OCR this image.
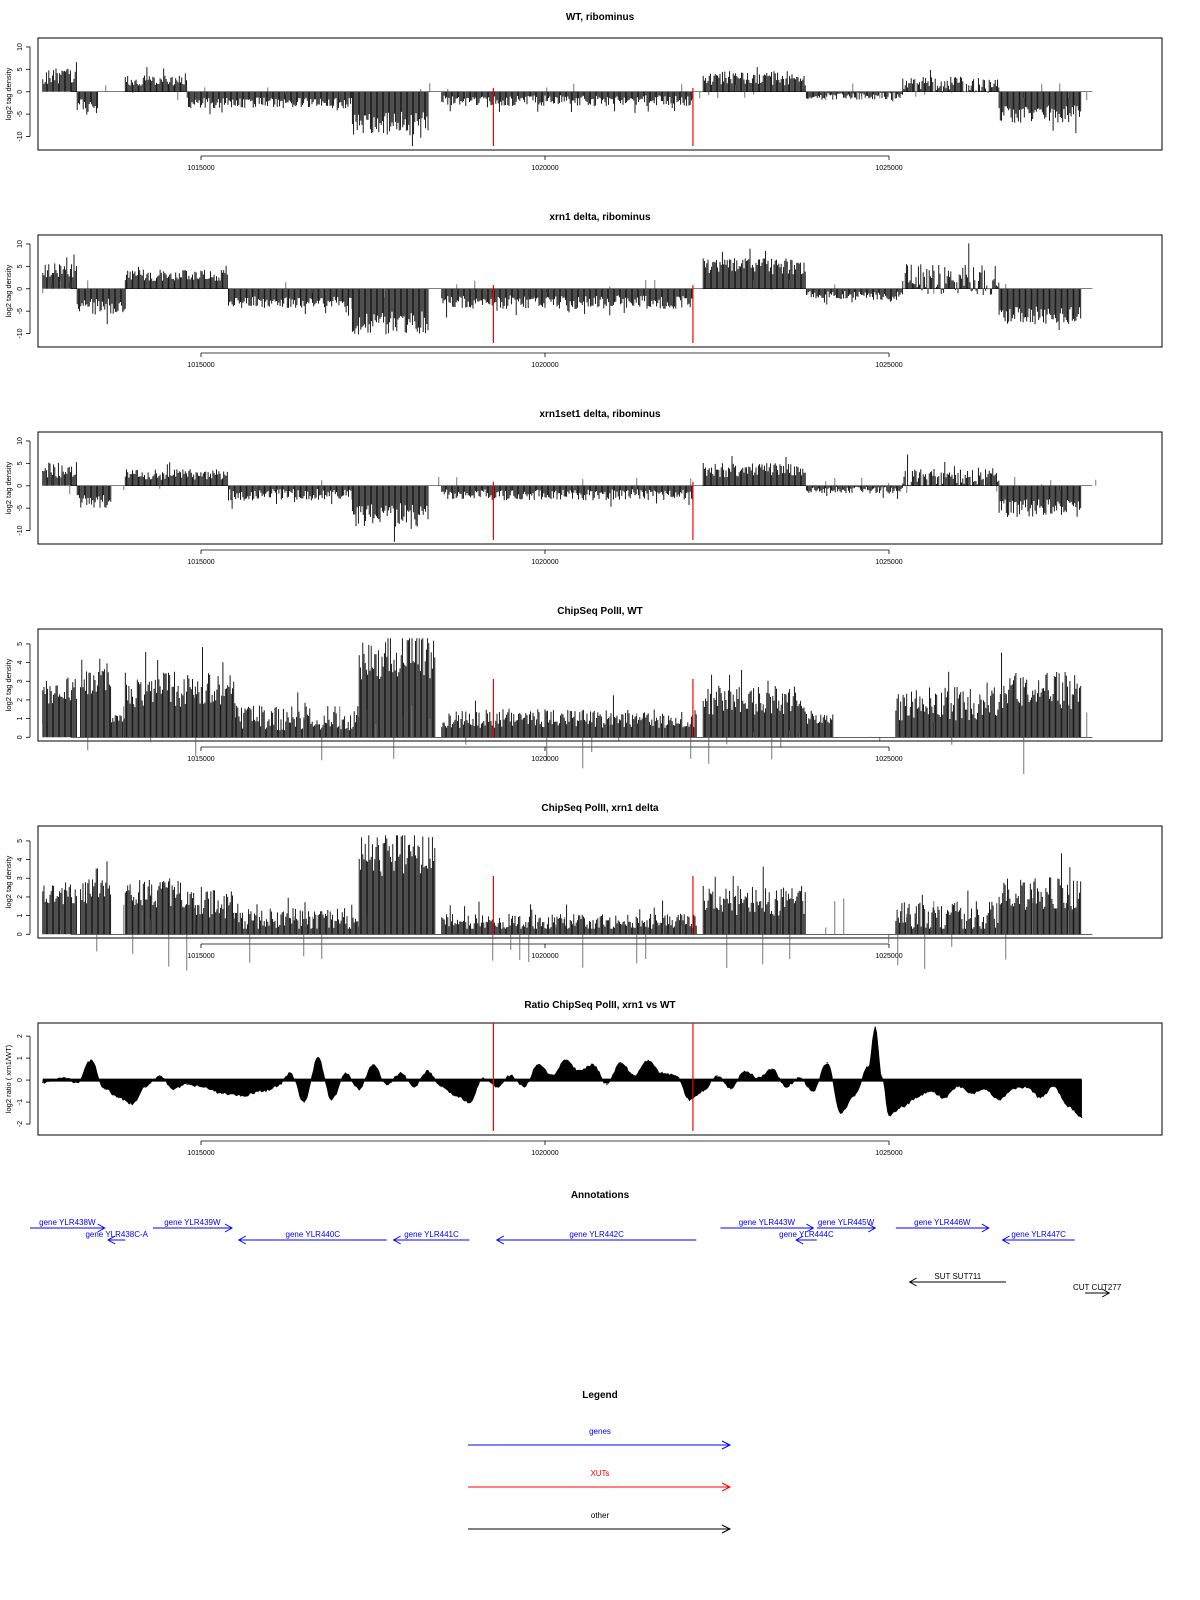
WT, ribominus
-10
-5
0
5
10
log2 tag density
1015000	1020000	1025000
xrn1 delta, ribominus
-10
-5
0
5
10
log2 tag density
1015000	1020000	1025000
xrn1set1 delta, ribominus
-10
-5
0
5
10
log2 tag density
1015000	1020000	1025000
ChipSeq PolII, WT
0
1
2
3
4
5
log2 tag density
1015000	1020000	1025000
ChipSeq PolII, xrn1 delta
0
1
2
3
4
5
log2 tag density
1015000	1020000	1025000
Ratio ChipSeq PolII, xrn1 vs WT
-2
-1
0
1
2
log2 ratio ( xrn1/WT)
1015000	1020000	1025000
Annotations
gene YLR438W
gene YLR438C-A
gene YLR439W
gene YLR440C	gene YLR441C	gene YLR442C
gene YLR443W
gene YLR444C
gene YLR445W	gene YLR446W
gene YLR447C
SUT SUT711
CUT CUT277
Legend
genes
XUTs
other
